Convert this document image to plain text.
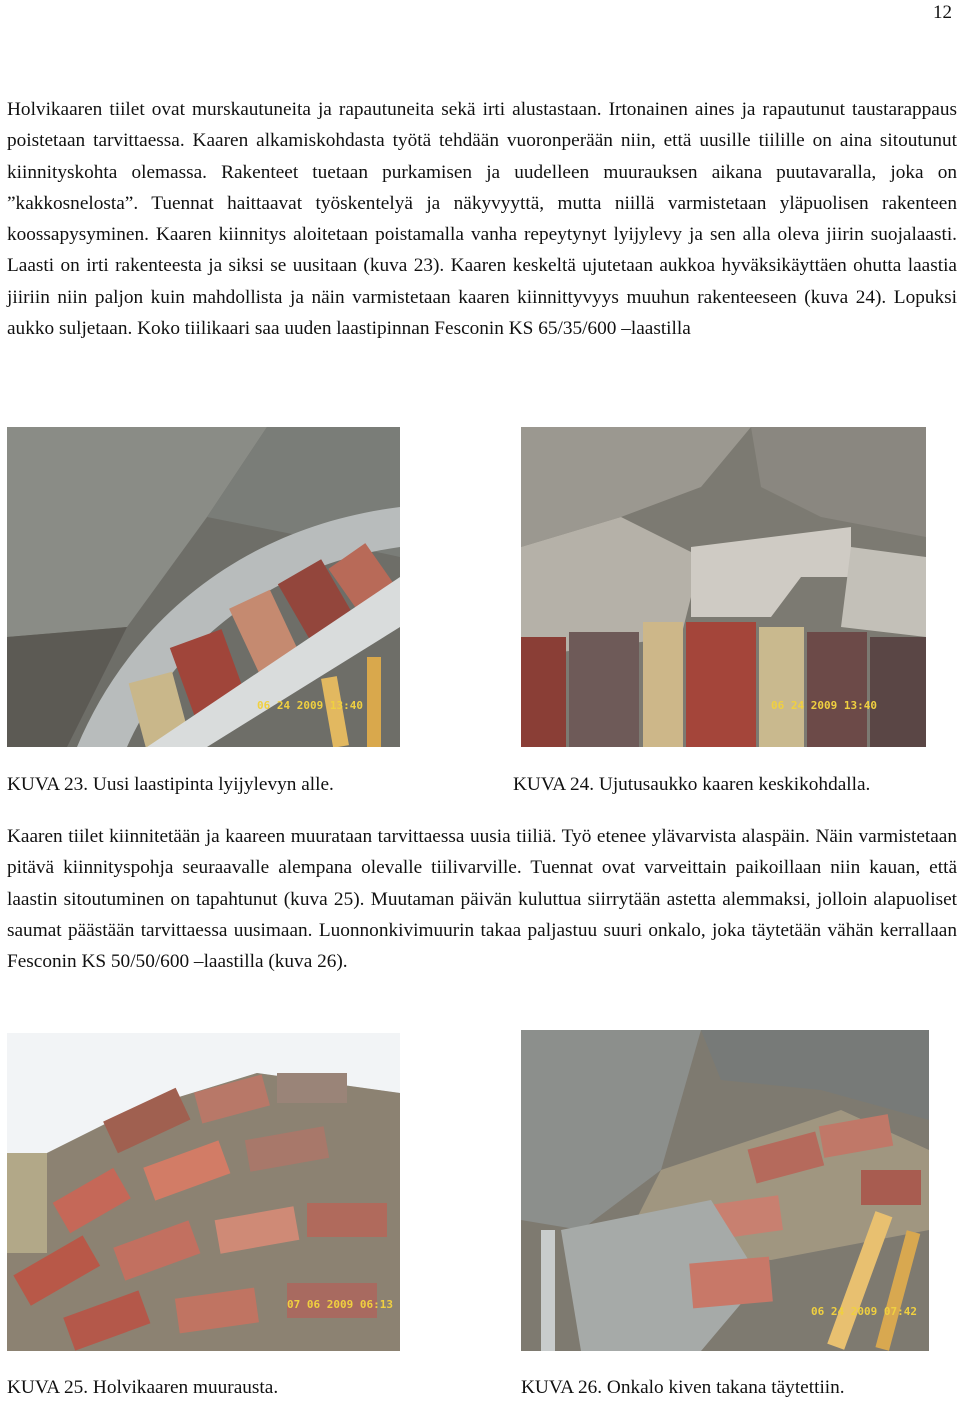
12

Holvikaaren tiilet ovat murskautuneita ja rapautuneita sekä irti alustastaan. Irtonainen aines ja rapautunut taustarappaus poistetaan tarvittaessa. Kaaren alkamiskohdasta työtä tehdään vuoronperään niin, että uusille tiilille on aina sitoutunut kiinnityskohta olemassa. Rakenteet tuetaan purkamisen ja uudelleen muurauksen aikana puutavaralla, joka on ”kakkosnelosta”. Tuennat haittaavat työskentelyä ja näkyvyyttä, mutta niillä varmistetaan yläpuolisen rakenteen koossapysyminen. Kaaren kiinnitys aloitetaan poistamalla vanha repeytynyt lyijylevy ja sen alla oleva jiirin suojalaasti. Laasti on irti rakenteesta ja siksi se uusitaan (kuva 23). Kaaren keskeltä ujutetaan aukkoa hyväksikäyttäen ohutta laastia jiiriin niin paljon kuin mahdollista ja näin varmistetaan kaaren kiinnittyvyys muuhun rakenteeseen (kuva 24). Lopuksi aukko suljetaan. Koko tiilikaari saa uuden laastipinnan Fesconin KS 65/35/600 –laastilla

06 24 2009 13:40	06 24 2009 13:40
KUVA 23. Uusi laastipinta lyijylevyn alle.	KUVA 24. Ujutusaukko kaaren keskikohdalla.

Kaaren tiilet kiinnitetään ja kaareen muurataan tarvittaessa uusia tiiliä. Työ etenee ylävarvista alaspäin. Näin varmistetaan pitävä kiinnityspohja seuraavalle alempana olevalle tiilivarville. Tuennat ovat varveittain paikoillaan niin kauan, että laastin sitoutuminen on tapahtunut (kuva 25). Muutaman päivän kuluttua siirrytään astetta alemmaksi, jolloin alapuoliset saumat päästään tarvittaessa uusimaan. Luonnonkivimuurin takaa paljastuu suuri onkalo, joka täytetään vähän kerrallaan Fesconin KS 50/50/600 –laastilla (kuva 26).

07 06 2009 06:13
06 24 2009 07:42
KUVA 25. Holvikaaren muurausta.	KUVA 26. Onkalo kiven takana täytettiin.
